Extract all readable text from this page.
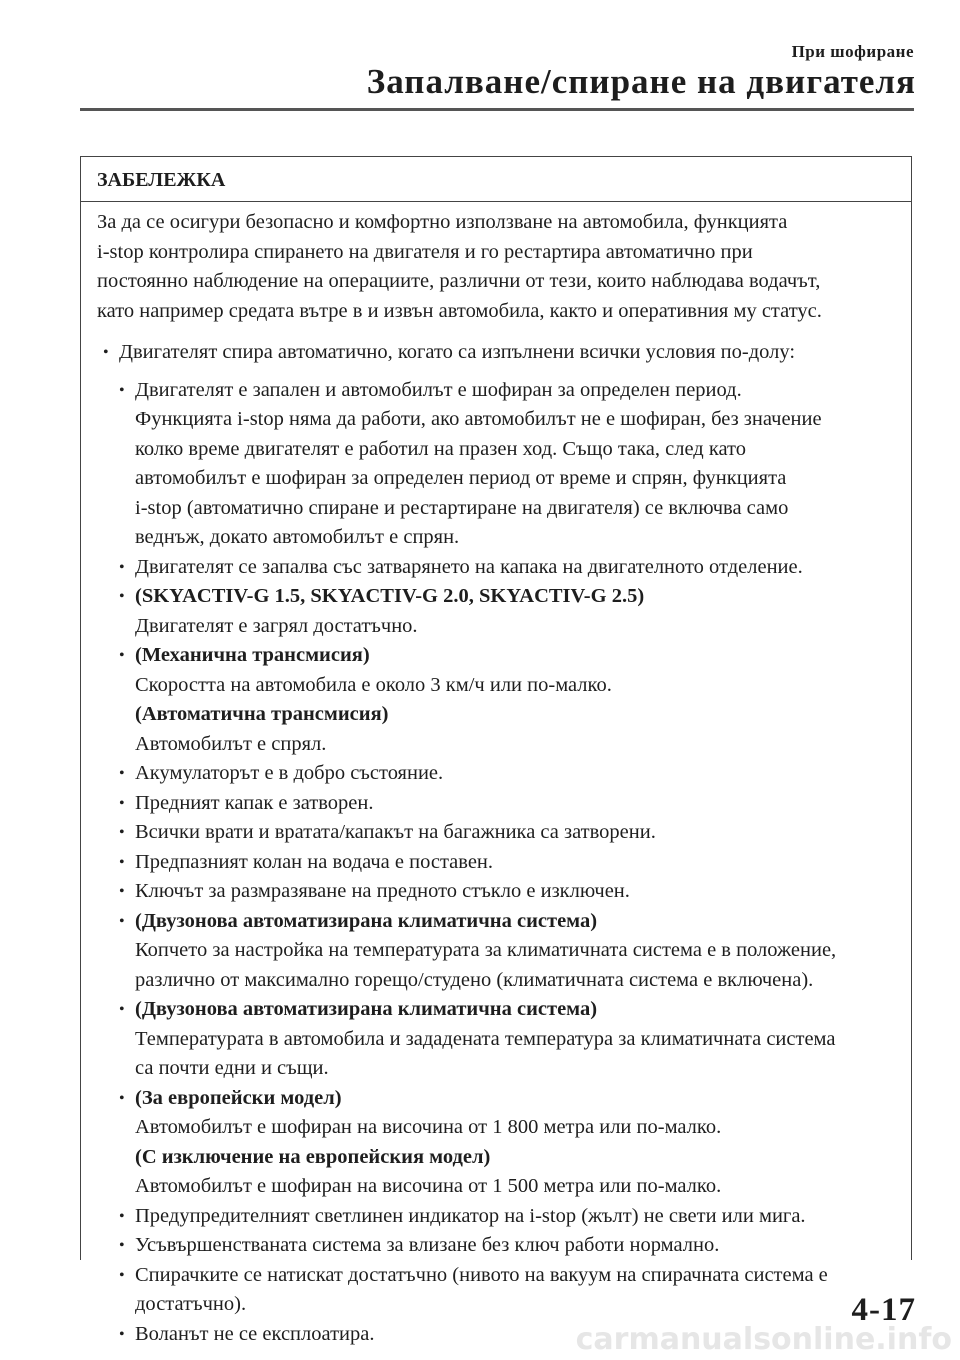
При шофиране
Запалване/спиране на двигателя
ЗАБЕЛЕЖКА
За да се осигури безопасно и комфортно използване на автомобила, функцията
i-stop контролира спирането на двигателя и го рестартира автоматично при
постоянно наблюдение на операциите, различни от тези, които наблюдава водачът,
като например средата вътре в и извън автомобила, както и оперативния му статус.
• Двигателят спира автоматично, когато са изпълнени всички условия по-долу:
• Двигателят е запален и автомобилът е шофиран за определен период.
Функцията i-stop няма да работи, ако автомобилът не е шофиран, без значение
колко време двигателят е работил на празен ход. Също така, след като
автомобилът е шофиран за определен период от време и спрян, функцията
i-stop (автоматично спиране и рестартиране на двигателя) се включва само
веднъж, докато автомобилът е спрян.
• Двигателят се запалва със затварянето на капака на двигателното отделение.
• (SKYACTIV-G 1.5, SKYACTIV-G 2.0, SKYACTIV-G 2.5)
Двигателят е загрял достатъчно.
• (Механична трансмисия)
Скоростта на автомобила е около 3 км/ч или по-малко.
(Автоматична трансмисия)
Автомобилът е спрял.
• Акумулаторът е в добро състояние.
• Предният капак е затворен.
• Всички врати и вратата/капакът на багажника са затворени.
• Предпазният колан на водача е поставен.
• Ключът за размразяване на предното стъкло е изключен.
• (Двузонова автоматизирана климатична система)
Копчето за настройка на температурата за климатичната система е в положение,
различно от максимално горещо/студено (климатичната система е включена).
• (Двузонова автоматизирана климатична система)
Температурата в автомобила и зададената температура за климатичната система
са почти едни и същи.
• (За европейски модел)
Автомобилът е шофиран на височина от 1 800 метра или по-малко.
(С изключение на европейския модел)
Автомобилът е шофиран на височина от 1 500 метра или по-малко.
• Предупредителният светлинен индикатор на i-stop (жълт) не свети или мига.
• Усъвършенстваната система за влизане без ключ работи нормално.
• Спирачките се натискат достатъчно (нивото на вакуум на спирачната система е
достатъчно).
• Воланът не се експлоатира.
4-17
carmanualsonline.info
